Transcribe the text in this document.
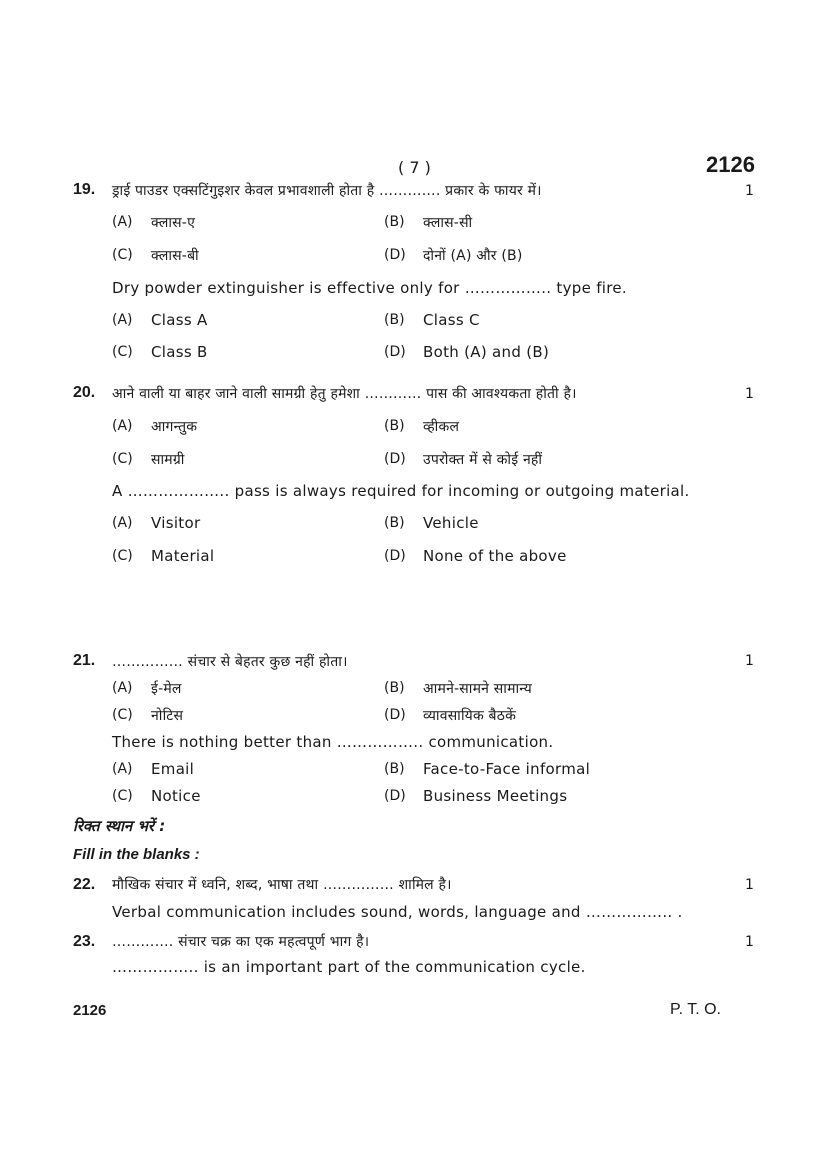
( 7 )	2126
19. ड्राई पाउडर एक्सटिंगुइशर केवल प्रभावशाली होता है …………. प्रकार के फायर में।	1
(A) क्लास-ए	(B) क्लास-सी
(C) क्लास-बी	(D) दोनों (A) और (B)
Dry powder extinguisher is effective only for …………….. type fire.
(A) Class A	(B) Class C
(C) Class B	(D) Both (A) and (B)
20. आने वाली या बाहर जाने वाली सामग्री हेतु हमेशा ………… पास की आवश्यकता होती है।	1
(A) आगन्तुक	(B) व्हीकल
(C) सामग्री	(D) उपरोक्त में से कोई नहीं
A ……………….. pass is always required for incoming or outgoing material.
(A) Visitor	(B) Vehicle
(C) Material	(D) None of the above
21. …………… संचार से बेहतर कुछ नहीं होता।	1
(A) ई-मेल	(B) आमने-सामने सामान्य
(C) नोटिस	(D) व्यावसायिक बैठकें
There is nothing better than …………….. communication.
(A) Email	(B) Face-to-Face informal
(C) Notice	(D) Business Meetings
रिक्त स्थान भरें :
Fill in the blanks :
22. मौखिक संचार में ध्वनि, शब्द, भाषा तथा …………… शामिल है।	1
Verbal communication includes sound, words, language and …………….. .
23. …………. संचार चक्र का एक महत्वपूर्ण भाग है।	1
…………….. is an important part of the communication cycle.
2126	P. T. O.
